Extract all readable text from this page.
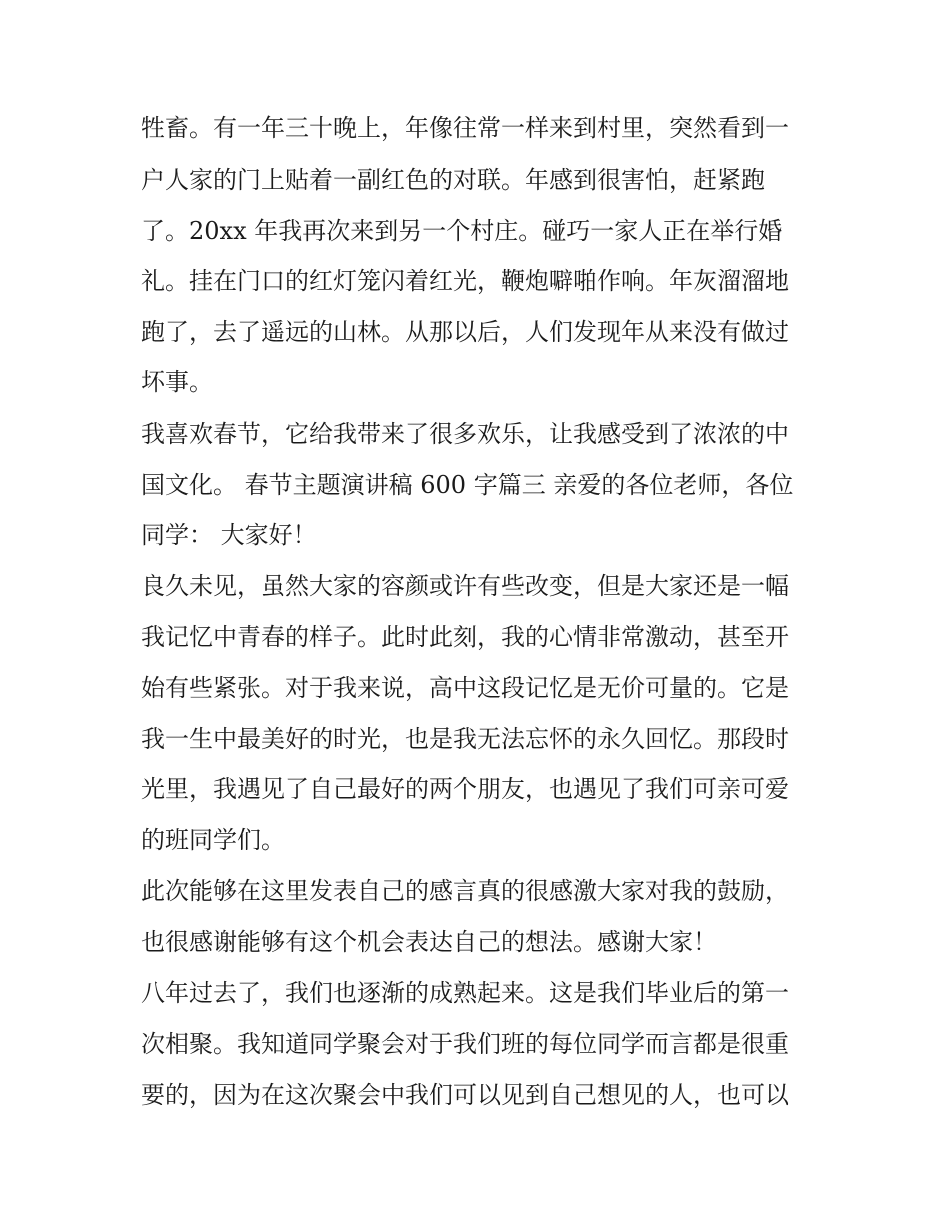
牲畜。有一年三十晚上，年像往常一样来到村里，突然看到一
户人家的门上贴着一副红色的对联。年感到很害怕，赶紧跑
了。20xx 年我再次来到另一个村庄。碰巧一家人正在举行婚
礼。挂在门口的红灯笼闪着红光，鞭炮噼啪作响。年灰溜溜地
跑了，去了遥远的山林。从那以后，人们发现年从来没有做过
坏事。
我喜欢春节，它给我带来了很多欢乐，让我感受到了浓浓的中
国文化。 春节主题演讲稿 600 字篇三 亲爱的各位老师，各位
同学： 大家好！
良久未见，虽然大家的容颜或许有些改变，但是大家还是一幅
我记忆中青春的样子。此时此刻，我的心情非常激动，甚至开
始有些紧张。对于我来说，高中这段记忆是无价可量的。它是
我一生中最美好的时光，也是我无法忘怀的永久回忆。那段时
光里，我遇见了自己最好的两个朋友，也遇见了我们可亲可爱
的班同学们。
此次能够在这里发表自己的感言真的很感激大家对我的鼓励，
也很感谢能够有这个机会表达自己的想法。感谢大家！
八年过去了，我们也逐渐的成熟起来。这是我们毕业后的第一
次相聚。我知道同学聚会对于我们班的每位同学而言都是很重
要的，因为在这次聚会中我们可以见到自己想见的人，也可以
